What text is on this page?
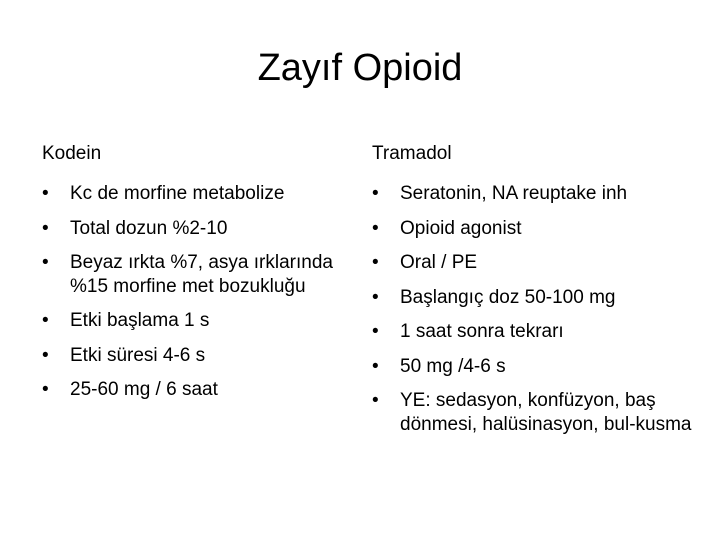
Zayıf Opioid
Kodein
•	Kc de morfine metabolize
•	Total dozun %2-10
•	Beyaz ırkta %7, asya ırklarında %15 morfine met bozukluğu
•	Etki başlama 1 s
•	Etki süresi 4-6 s
•	25-60 mg / 6 saat
Tramadol
•	Seratonin, NA reuptake inh
•	Opioid agonist
•	Oral / PE
•	Başlangıç doz 50-100 mg
•	1 saat sonra tekrarı
•	50 mg /4-6 s
•	YE: sedasyon, konfüzyon, baş dönmesi, halüsinasyon, bul-kusma
